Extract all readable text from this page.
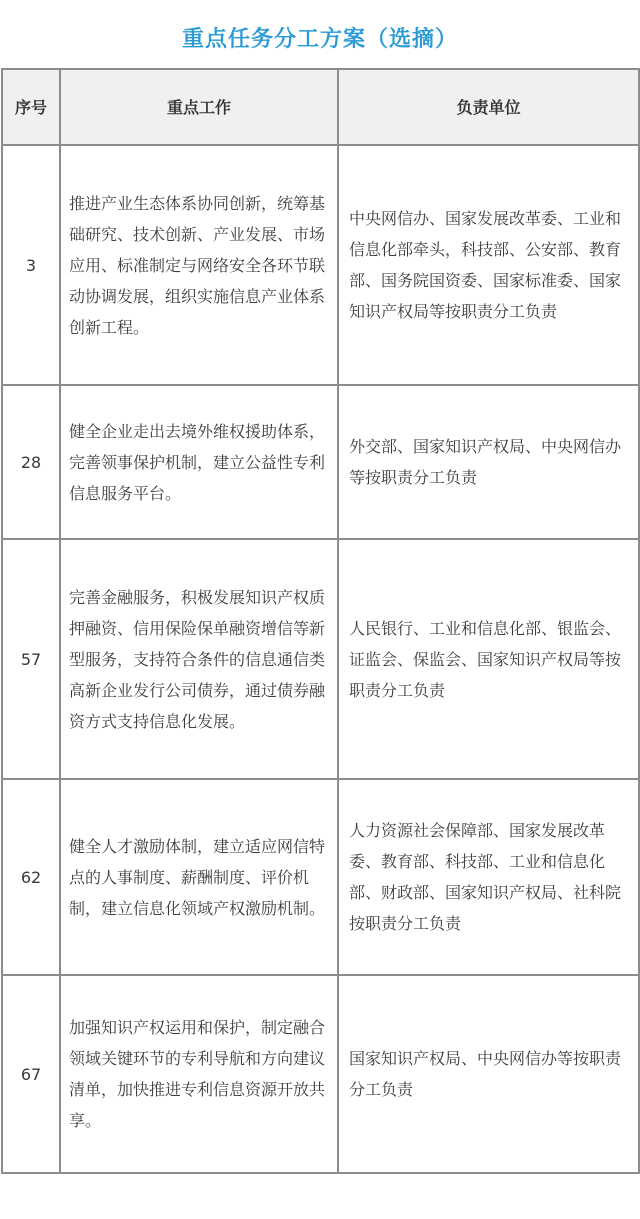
重点任务分工方案（选摘）
序号	重点工作	负责单位
3	推进产业生态体系协同创新，统筹基础研究、技术创新、产业发展、市场应用、标准制定与网络安全各环节联动协调发展，组织实施信息产业体系创新工程。	中央网信办、国家发展改革委、工业和信息化部牵头，科技部、公安部、教育部、国务院国资委、国家标准委、国家知识产权局等按职责分工负责
28	健全企业走出去境外维权援助体系，完善领事保护机制，建立公益性专利信息服务平台。	外交部、国家知识产权局、中央网信办等按职责分工负责
57	完善金融服务，积极发展知识产权质押融资、信用保险保单融资增信等新型服务，支持符合条件的信息通信类高新企业发行公司债券，通过债券融资方式支持信息化发展。	人民银行、工业和信息化部、银监会、证监会、保监会、国家知识产权局等按职责分工负责
62	健全人才激励体制，建立适应网信特点的人事制度、薪酬制度、评价机制，建立信息化领域产权激励机制。	人力资源社会保障部、国家发展改革委、教育部、科技部、工业和信息化部、财政部、国家知识产权局、社科院按职责分工负责
67	加强知识产权运用和保护，制定融合领域关键环节的专利导航和方向建议清单，加快推进专利信息资源开放共享。	国家知识产权局、中央网信办等按职责分工负责
